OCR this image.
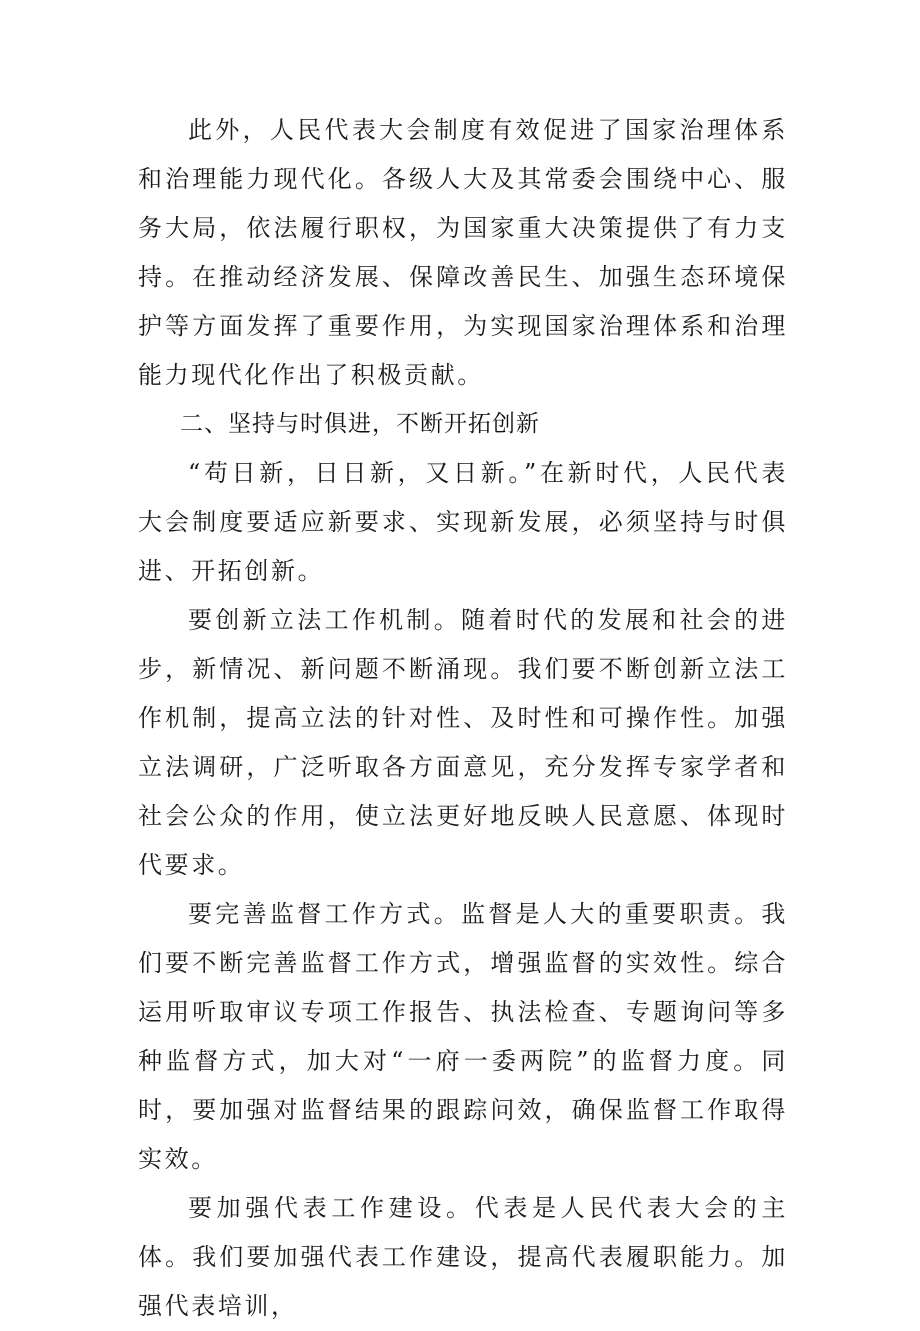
此外，人民代表大会制度有效促进了国家治理体系和治理能力现代化。各级人大及其常委会围绕中心、服务大局，依法履行职权，为国家重大决策提供了有力支持。在推动经济发展、保障改善民生、加强生态环境保护等方面发挥了重要作用，为实现国家治理体系和治理能力现代化作出了积极贡献。

二、坚持与时俱进，不断开拓创新

“苟日新，日日新，又日新。”在新时代，人民代表大会制度要适应新要求、实现新发展，必须坚持与时俱进、开拓创新。

要创新立法工作机制。随着时代的发展和社会的进步，新情况、新问题不断涌现。我们要不断创新立法工作机制，提高立法的针对性、及时性和可操作性。加强立法调研，广泛听取各方面意见，充分发挥专家学者和社会公众的作用，使立法更好地反映人民意愿、体现时代要求。

要完善监督工作方式。监督是人大的重要职责。我们要不断完善监督工作方式，增强监督的实效性。综合运用听取审议专项工作报告、执法检查、专题询问等多种监督方式，加大对“一府一委两院”的监督力度。同时，要加强对监督结果的跟踪问效，确保监督工作取得实效。

要加强代表工作建设。代表是人民代表大会的主体。我们要加强代表工作建设，提高代表履职能力。加强代表培训，
